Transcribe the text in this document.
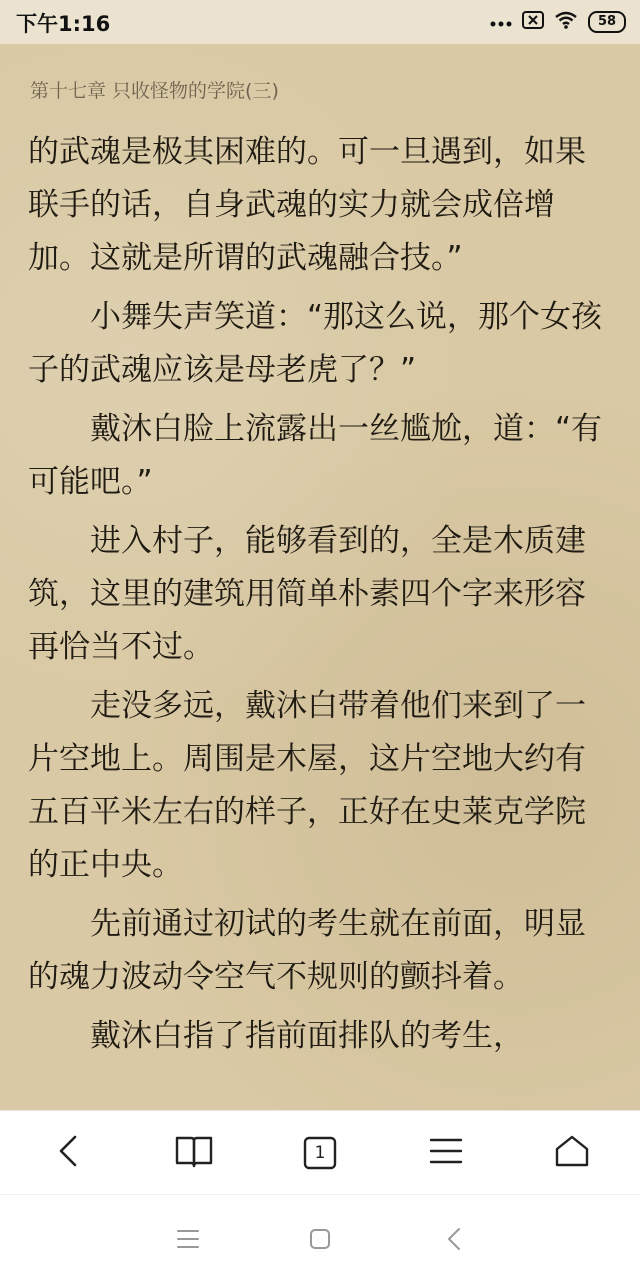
下午1:16	58
第十七章 只收怪物的学院(三)

的武魂是极其困难的。可一旦遇到，如果联手的话，自身武魂的实力就会成倍增加。这就是所谓的武魂融合技。”

　　小舞失声笑道：“那这么说，那个女孩子的武魂应该是母老虎了？”

　　戴沐白脸上流露出一丝尴尬，道：“有可能吧。”

　　进入村子，能够看到的，全是木质建筑，这里的建筑用简单朴素四个字来形容再恰当不过。

　　走没多远，戴沐白带着他们来到了一片空地上。周围是木屋，这片空地大约有五百平米左右的样子，正好在史莱克学院的正中央。

　　先前通过初试的考生就在前面，明显的魂力波动令空气不规则的颤抖着。

　　戴沐白指了指前面排队的考生，

1
